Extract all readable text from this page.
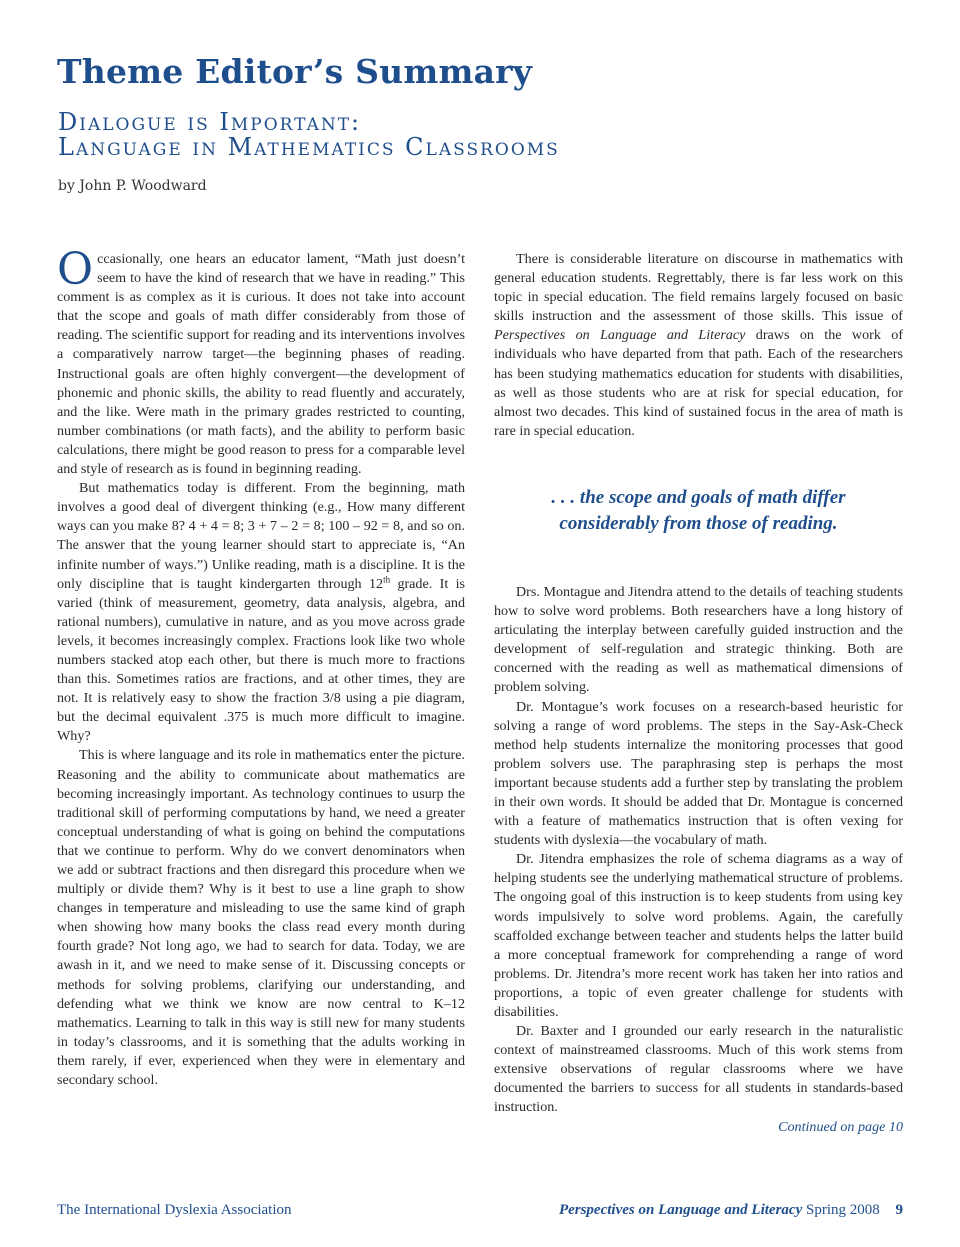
Theme Editor’s Summary
Dialogue is Important:
Language in Mathematics Classrooms
by John P. Woodward

Occasionally, one hears an educator lament, “Math just doesn’t seem to have the kind of research that we have in reading.” This comment is as complex as it is curious. It does not take into account that the scope and goals of math differ considerably from those of reading. The scientific support for reading and its interventions involves a comparatively narrow target—the beginning phases of reading. Instructional goals are often highly convergent—the development of phonemic and phonic skills, the ability to read fluently and accurately, and the like. Were math in the primary grades restricted to counting, number combinations (or math facts), and the ability to perform basic calculations, there might be good reason to press for a comparable level and style of research as is found in beginning reading.

But mathematics today is different. From the beginning, math involves a good deal of divergent thinking (e.g., How many different ways can you make 8? 4 + 4 = 8; 3 + 7 – 2 = 8; 100 – 92 = 8, and so on. The answer that the young learner should start to appreciate is, “An infinite number of ways.”) Unlike reading, math is a discipline. It is the only discipline that is taught kindergarten through 12th grade. It is varied (think of measurement, geometry, data analysis, algebra, and rational numbers), cumulative in nature, and as you move across grade levels, it becomes increasingly complex. Fractions look like two whole numbers stacked atop each other, but there is much more to fractions than this. Sometimes ratios are fractions, and at other times, they are not. It is relatively easy to show the fraction 3/8 using a pie diagram, but the decimal equivalent .375 is much more difficult to imagine. Why?

This is where language and its role in mathematics enter the picture. Reasoning and the ability to communicate about mathematics are becoming increasingly important. As technology continues to usurp the traditional skill of performing computations by hand, we need a greater conceptual understanding of what is going on behind the computations that we continue to perform. Why do we convert denominators when we add or subtract fractions and then disregard this procedure when we multiply or divide them? Why is it best to use a line graph to show changes in temperature and misleading to use the same kind of graph when showing how many books the class read every month during fourth grade? Not long ago, we had to search for data. Today, we are awash in it, and we need to make sense of it. Discussing concepts or methods for solving problems, clarifying our understanding, and defending what we think we know are now central to K–12 mathematics. Learning to talk in this way is still new for many students in today’s classrooms, and it is something that the adults working in them rarely, if ever, experienced when they were in elementary and secondary school.

There is considerable literature on discourse in mathematics with general education students. Regrettably, there is far less work on this topic in special education. The field remains largely focused on basic skills instruction and the assessment of those skills. This issue of Perspectives on Language and Literacy draws on the work of individuals who have departed from that path. Each of the researchers has been studying mathematics education for students with disabilities, as well as those students who are at risk for special education, for almost two decades. This kind of sustained focus in the area of math is rare in special education.

. . . the scope and goals of math differ
considerably from those of reading.

Drs. Montague and Jitendra attend to the details of teaching students how to solve word problems. Both researchers have a long history of articulating the interplay between carefully guided instruction and the development of self-regulation and strategic thinking. Both are concerned with the reading as well as mathematical dimensions of problem solving.

Dr. Montague’s work focuses on a research-based heuristic for solving a range of word problems. The steps in the Say-Ask-Check method help students internalize the monitoring processes that good problem solvers use. The paraphrasing step is perhaps the most important because students add a further step by translating the problem in their own words. It should be added that Dr. Montague is concerned with a feature of mathematics instruction that is often vexing for students with dyslexia—the vocabulary of math.

Dr. Jitendra emphasizes the role of schema diagrams as a way of helping students see the underlying mathematical structure of problems. The ongoing goal of this instruction is to keep students from using key words impulsively to solve word problems. Again, the carefully scaffolded exchange between teacher and students helps the latter build a more conceptual framework for comprehending a range of word problems. Dr. Jitendra’s more recent work has taken her into ratios and proportions, a topic of even greater challenge for students with disabilities.

Dr. Baxter and I grounded our early research in the naturalistic context of mainstreamed classrooms. Much of this work stems from extensive observations of regular classrooms where we have documented the barriers to success for all students in standards-based instruction.

Continued on page 10

The International Dyslexia Association	Perspectives on Language and Literacy Spring 2008 9
